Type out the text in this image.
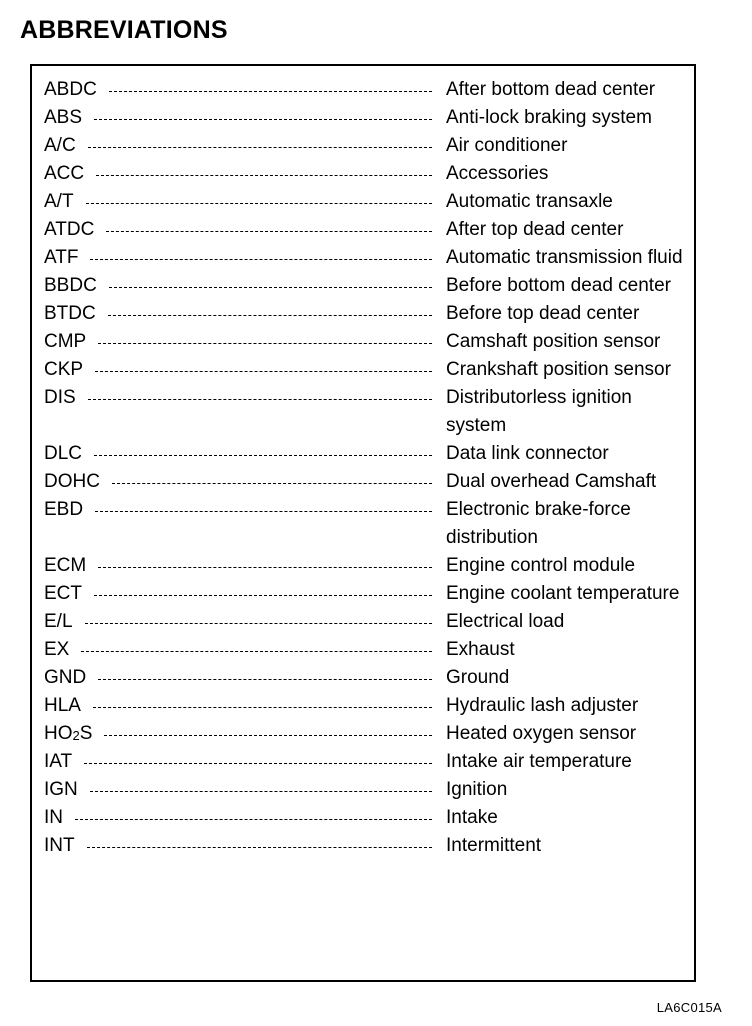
ABBREVIATIONS
ABDC	After bottom dead center
ABS	Anti-lock braking system
A/C	Air conditioner
ACC	Accessories
A/T	Automatic transaxle
ATDC	After top dead center
ATF	Automatic transmission fluid
BBDC	Before bottom dead center
BTDC	Before top dead center
CMP	Camshaft position sensor
CKP	Crankshaft position sensor
DIS	Distributorless ignition system
DLC	Data link connector
DOHC	Dual overhead Camshaft
EBD	Electronic brake-force distribution
ECM	Engine control module
ECT	Engine coolant temperature
E/L	Electrical load
EX	Exhaust
GND	Ground
HLA	Hydraulic lash adjuster
$HO_2S$	Heated oxygen sensor
IAT	Intake air temperature
IGN	Ignition
IN	Intake
INT	Intermittent
LA6C015A
